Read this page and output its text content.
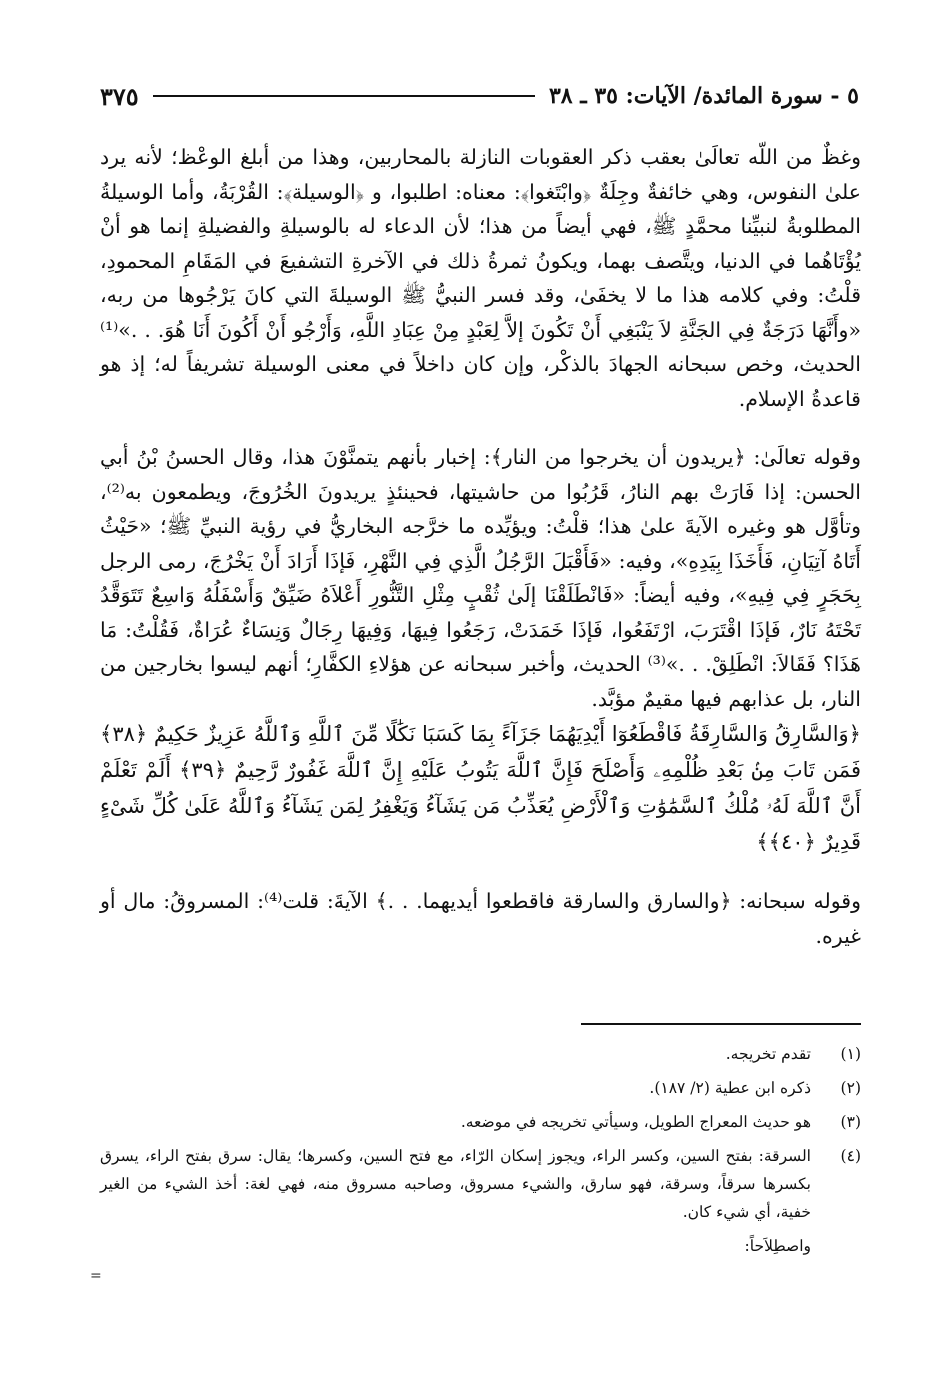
٥ - سورة المائدة/ الآيات: ٣٥ ـ ٣٨
٣٧٥

وغظٌ من اللّه تعالَىٰ بعقب ذكر العقوبات النازلة بالمحاربين، وهذا من أبلغ الوعْظ؛ لأنه يرد علىٰ النفوس، وهي خائفةٌ وجِلَةٌ ﴿وابْتَغوا﴾: معناه: اطلبوا، و ﴿الوسيلة﴾: القُرْبَةُ، وأما الوسيلةُ المطلوبةُ لنبيِّنا محمَّدٍ ﷺ، فهي أيضاً من هذا؛ لأن الدعاء له بالوسيلةِ والفضيلةِ إنما هو أنْ يُؤْتَاهُما في الدنيا، ويتَّصف بهما، ويكونُ ثمرةُ ذلك في الآخرةِ التشفيعَ في المَقَامِ المحمودِ، قلْتُ: وفي كلامه هذا ما لا يخفَىٰ، وقد فسر النبيُّ ﷺ الوسيلةَ التي كانَ يَرْجُوها من ربه، «وأَنَّهَا دَرَجَةٌ فِي الجَنَّةِ لاَ يَنْبَغِي أَنْ تَكُونَ إلاَّ لِعَبْدٍ مِنْ عِبَادِ اللَّهِ، وَأَرْجُو أَنْ أَكُونَ أَنَا هُوَ. . .»⁽¹⁾ الحديث، وخص سبحانه الجهادَ بالذكْر، وإن كان داخلاً في معنى الوسيلة تشريفاً له؛ إذ هو قاعدةُ الإسلام.

وقوله تعالَىٰ: ﴿يريدون أن يخرجوا من النار﴾: إخبار بأنهم يتمنَّوْنَ هذا، وقال الحسنُ بْنُ أبي الحسن: إذا فَارَتْ بهم النارُ، قَرُبُوا من حاشيتها، فحينئذٍ يريدونَ الخُرُوجَ، ويطمعون به⁽²⁾، وتأوَّل هو وغيره الآيةَ علىٰ هذا؛ قلْتُ: ويؤيِّده ما خرَّجه البخاريُّ في رؤية النبيِّ ﷺ؛ «حَيْثُ أَتَاهُ آتِيَانِ، فَأَخَذَا بِيَدِهِ»، وفيه: «فَأَقْبَلَ الرَّجُلُ الَّذِي فِي النَّهْرِ، فَإذَا أَرَادَ أَنْ يَخْرُجَ، رمى الرجل بِحَجَرٍ فِي فِيهِ»، وفيه أيضاً: «فَانْطَلَقْنَا إلَىٰ ثُقْبٍ مِثْلِ التَّنُّورِ أَعْلاَهُ ضَيِّقٌ وَأَسْفَلُهُ وَاسِعٌ تَتَوَقَّدُ تَحْتَهُ نَارٌ، فَإذَا اقْتَرَبَ، ارْتَفَعُوا، فَإذَا خَمَدَتْ، رَجَعُوا فِيهَا، وَفِيهَا رِجَالٌ وَنِسَاءٌ عُرَاةٌ، فَقُلْتُ: مَا هَذَا؟ فَقَالاَ: انْطَلِقْ. . .»⁽³⁾ الحديث، وأخبر سبحانه عن هؤلاءِ الكفَّارِ؛ أنهم ليسوا بخارجين من النار، بل عذابهم فيها مقيمٌ مؤبَّد.

﴿وَالسَّارِقُ وَالسَّارِقَةُ فَاقْطَعُوٓا أَيْدِيَهُمَا جَزَآءً بِمَا كَسَبَا نَكَٰلًا مِّنَ ٱللَّهِ وَٱللَّهُ عَزِيزٌ حَكِيمٌ ﴿٣٨﴾ فَمَن تَابَ مِنۢ بَعْدِ ظُلْمِهِۦ وَأَصْلَحَ فَإِنَّ ٱللَّهَ يَتُوبُ عَلَيْهِ إِنَّ ٱللَّهَ غَفُورٌ رَّحِيمٌ ﴿٣٩﴾ أَلَمْ تَعْلَمْ أَنَّ ٱللَّهَ لَهُۥ مُلْكُ ٱلسَّمَٰوَٰتِ وَٱلْأَرْضِ يُعَذِّبُ مَن يَشَآءُ وَيَغْفِرُ لِمَن يَشَآءُ وَٱللَّهُ عَلَىٰ كُلِّ شَىْءٍ قَدِيرٌ ﴿٤٠﴾﴾

وقوله سبحانه: ﴿والسارق والسارقة فاقطعوا أيديهما. . .﴾ الآيةَ: قلت⁽⁴⁾: المسروقُ: مال أو غيره.

(١)
تقدم تخريجه.
(٢)
ذكره ابن عطية (٢/ ١٨٧).
(٣)
هو حديث المعراج الطويل، وسيأتي تخريجه في موضعه.
(٤)
السرقة: بفتح السين، وكسر الراء، ويجوز إسكان الرّاء، مع فتح السين، وكسرها؛ يقال: سرق بفتح الراء، يسرق بكسرها سرقاً، وسرقة، فهو سارق، والشيء مسروق، وصاحبه مسروق منه، فهي لغة: أخذ الشيء من الغير خفية، أي شيء كان.
واصطِلاَحاً:
=
